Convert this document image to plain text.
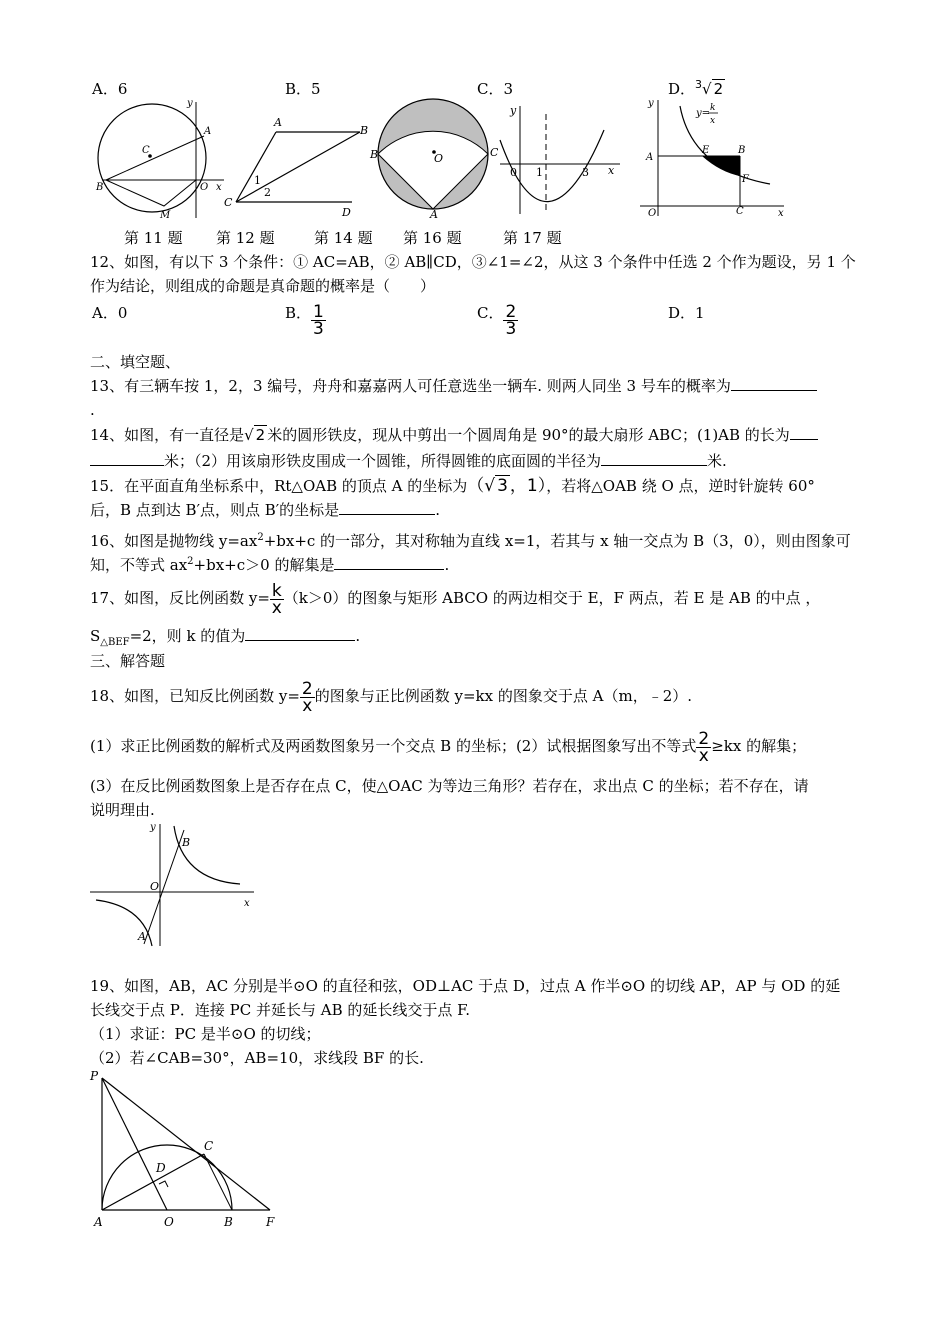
A．6	B．5	C．3	D．$^3$√ 2
C
A
B	O
M
x
y
A
B
C
D
1
2
B	C
O
A
y
x
0 1	3
y
y= k
x
A
E	B
F
O	C	x
第 11 题 第 12 题	第 14 题 第 16 题	第 17 题
12、如图，有以下 3 个条件：① AC=AB，② AB∥CD，③∠1=∠2，从这 3 个条件中任选 2 个作为题设，另 1 个
作为结论，则组成的命题是真命题的概率是（　　）
A．0	B． $\frac{1}{3}$	C． $\frac{2}{3}$	D．1
二、填空题、
13、有三辆车按 1，2，3 编号，舟舟和嘉嘉两人可任意选坐一辆车. 则两人同坐 3 号车的概率为
.
14、如图，有一直径是√ 2 米的圆形铁皮，现从中剪出一个圆周角是 90°的最大扇形 ABC；(1)AB 的长为
米；（2）用该扇形铁皮围成一个圆锥，所得圆锥的底面圆的半径为	米.
15．在平面直角坐标系中，Rt△OAB 的顶点 A 的坐标为（√ 3 ，1），若将△OAB 绕 O 点，逆时针旋转 60°
后，B 点到达 B′点，则点 B′的坐标是	.
16、如图是抛物线 $y=ax^2+bx+c$ 的一部分，其对称轴为直线 x=1，若其与 x 轴一交点为 B（3，0），则由图象可
知，不等式 $ax^2+bx+c>0$ 的解集是	.
17、如图，反比例函数 $y= \frac{k}{x} (k>0)$的图象与矩形 ABCO 的两边相交于 E，F 两点，若 E 是 AB 的中点 ，
$S_{\triangle BEF}=2$，则 k 的值为	.
三、解答题
18、如图，已知反比例函数 $y= \frac{2}{x}$ 的图象与正比例函数 y=kx 的图象交于点 A（m，﹣2）.
(1）求正比例函数的解析式及两函数图象另一个交点 B 的坐标；(2）试根据图象写出不等式 $\frac{2}{x} \ge kx$ 的解集；
(3）在反比例函数图象上是否存在点 C，使△OAC 为等边三角形？若存在，求出点 C 的坐标；若不存在，请
说明理由.
y
B
O
x
A
19、如图，AB，AC 分别是半⊙O 的直径和弦，OD⊥AC 于点 D，过点 A 作半⊙O 的切线 AP，AP 与 OD 的延
长线交于点 P．连接 PC 并延长与 AB 的延长线交于点 F.
（1）求证：PC 是半⊙O 的切线；
（2）若∠CAB=30°，AB=10，求线段 BF 的长.
P
C
D
A	O	B	F
